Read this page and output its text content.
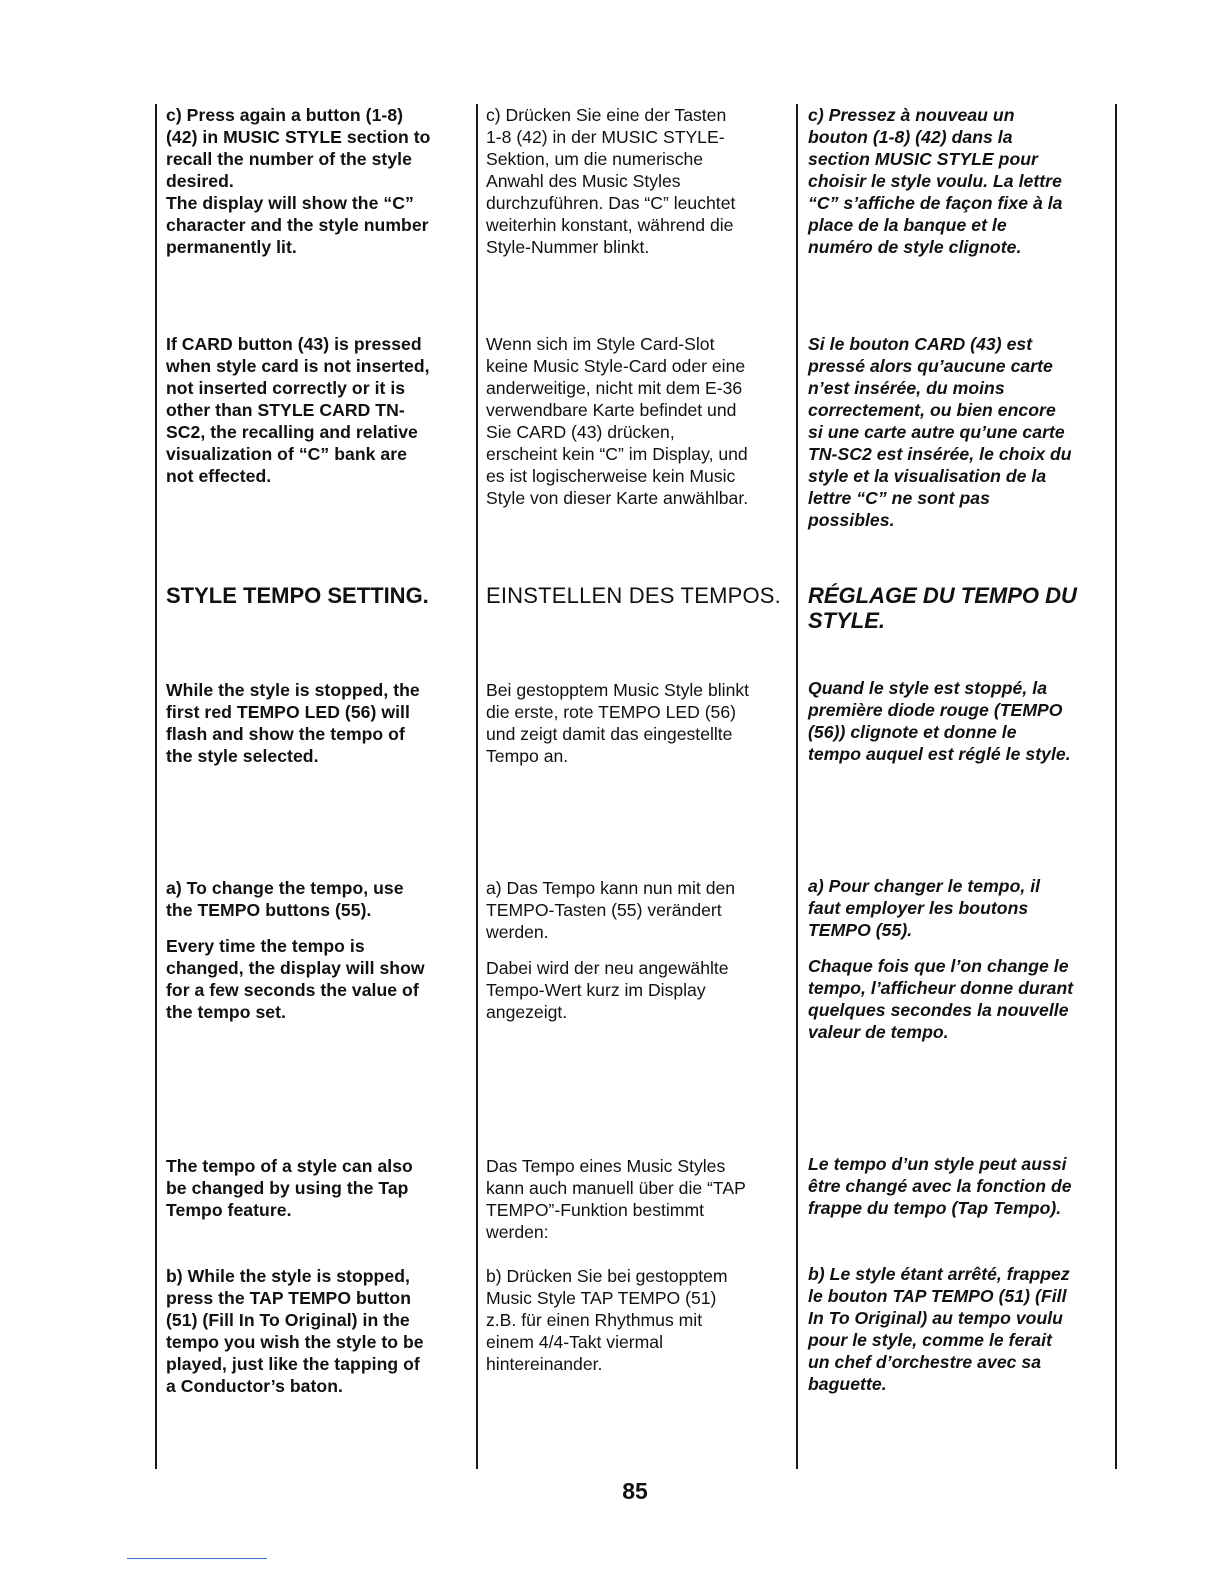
c) Press again a button (1-8)
(42) in MUSIC STYLE section to
recall the number of the style
desired.
The display will show the “C”
character and the style number
permanently lit.

If CARD button (43) is pressed
when style card is not inserted,
not inserted correctly or it is
other than STYLE CARD TN-
SC2, the recalling and relative
visualization of “C” bank are
not effected.

STYLE TEMPO SETTING.

While the style is stopped, the
first red TEMPO LED (56) will
flash and show the tempo of
the style selected.

a) To change the tempo, use
the TEMPO buttons (55).

Every time the tempo is
changed, the display will show
for a few seconds the value of
the tempo set.

The tempo of a style can also
be changed by using the Tap
Tempo feature.

b) While the style is stopped,
press the TAP TEMPO button
(51) (Fill In To Original) in the
tempo you wish the style to be
played, just like the tapping of
a Conductor’s baton.

c) Drücken Sie eine der Tasten
1-8 (42) in der MUSIC STYLE-
Sektion, um die numerische
Anwahl des Music Styles
durchzuführen. Das “C” leuchtet
weiterhin konstant, während die
Style-Nummer blinkt.

Wenn sich im Style Card-Slot
keine Music Style-Card oder eine
anderweitige, nicht mit dem E-36
verwendbare Karte befindet und
Sie CARD (43) drücken,
erscheint kein “C” im Display, und
es ist logischerweise kein Music
Style von dieser Karte anwählbar.

EINSTELLEN DES TEMPOS.

Bei gestopptem Music Style blinkt
die erste, rote TEMPO LED (56)
und zeigt damit das eingestellte
Tempo an.

a) Das Tempo kann nun mit den
TEMPO-Tasten (55) verändert
werden.

Dabei wird der neu angewählte
Tempo-Wert kurz im Display
angezeigt.

Das Tempo eines Music Styles
kann auch manuell über die “TAP
TEMPO”-Funktion bestimmt
werden:

b) Drücken Sie bei gestopptem
Music Style TAP TEMPO (51)
z.B. für einen Rhythmus mit
einem 4/4-Takt viermal
hintereinander.

c) Pressez à nouveau un
bouton (1-8) (42) dans la
section MUSIC STYLE pour
choisir le style voulu. La lettre
“C” s’affiche de façon fixe à la
place de la banque et le
numéro de style clignote.

Si le bouton CARD (43) est
pressé alors qu’aucune carte
n’est insérée, du moins
correctement, ou bien encore
si une carte autre qu’une carte
TN-SC2 est insérée, le choix du
style et la visualisation de la
lettre “C” ne sont pas
possibles.

RÉGLAGE DU TEMPO DU
STYLE.

Quand le style est stoppé, la
première diode rouge (TEMPO
(56)) clignote et donne le
tempo auquel est réglé le style.

a) Pour changer le tempo, il
faut employer les boutons
TEMPO (55).

Chaque fois que l’on change le
tempo, l’afficheur donne durant
quelques secondes la nouvelle
valeur de tempo.

Le tempo d’un style peut aussi
être changé avec la fonction de
frappe du tempo (Tap Tempo).

b) Le style étant arrêté, frappez
le bouton TAP TEMPO (51) (Fill
In To Original) au tempo voulu
pour le style, comme le ferait
un chef d’orchestre avec sa
baguette.

85
